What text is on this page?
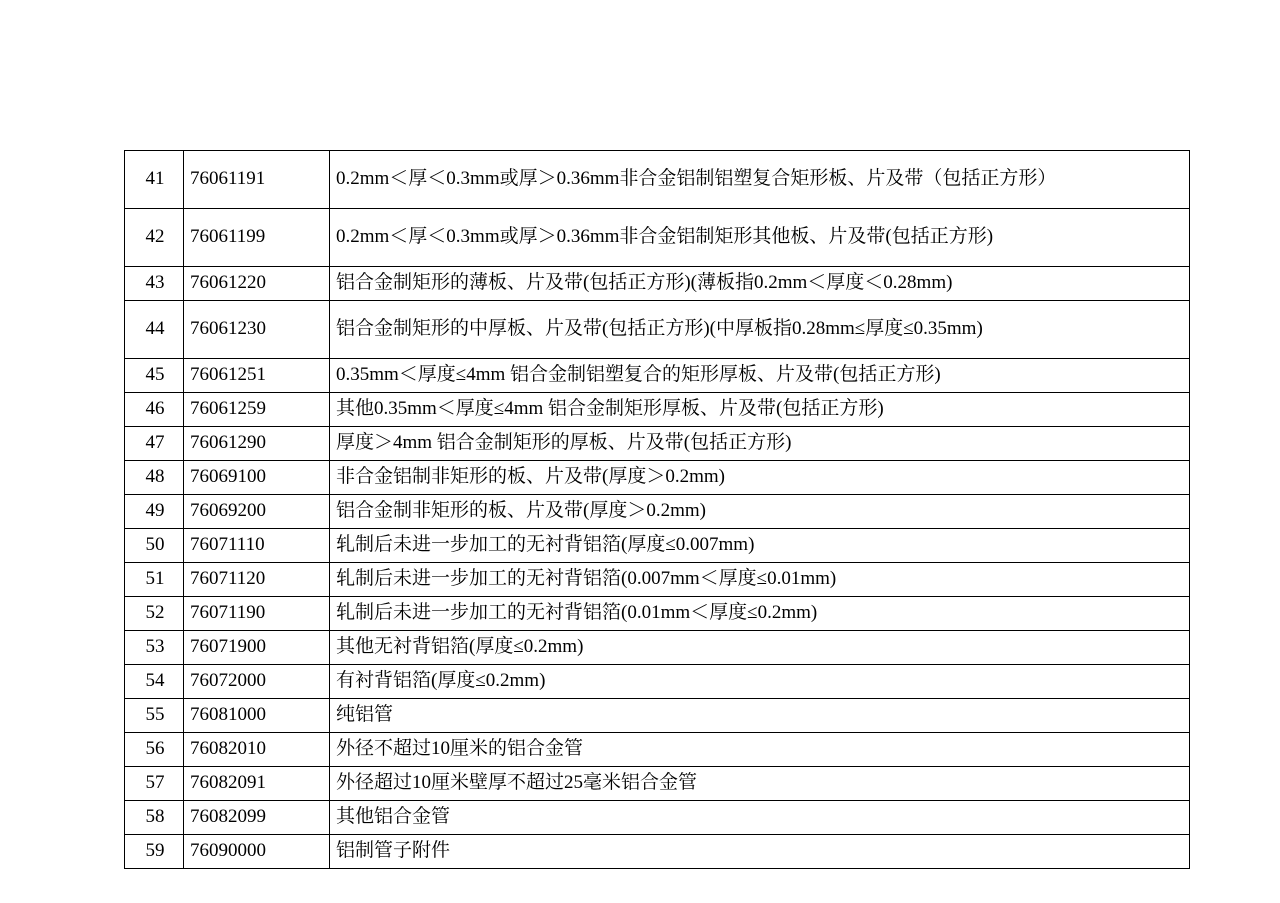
41	76061191	0.2mm＜厚＜0.3mm或厚＞0.36mm非合金铝制铝塑复合矩形板、片及带（包括正方形）
42	76061199	0.2mm＜厚＜0.3mm或厚＞0.36mm非合金铝制矩形其他板、片及带(包括正方形)
43	76061220	铝合金制矩形的薄板、片及带(包括正方形)(薄板指0.2mm＜厚度＜0.28mm)
44	76061230	铝合金制矩形的中厚板、片及带(包括正方形)(中厚板指0.28mm≤厚度≤0.35mm)
45	76061251	0.35mm＜厚度≤4mm 铝合金制铝塑复合的矩形厚板、片及带(包括正方形)
46	76061259	其他0.35mm＜厚度≤4mm 铝合金制矩形厚板、片及带(包括正方形)
47	76061290	厚度＞4mm 铝合金制矩形的厚板、片及带(包括正方形)
48	76069100	非合金铝制非矩形的板、片及带(厚度＞0.2mm)
49	76069200	铝合金制非矩形的板、片及带(厚度＞0.2mm)
50	76071110	轧制后未进一步加工的无衬背铝箔(厚度≤0.007mm)
51	76071120	轧制后未进一步加工的无衬背铝箔(0.007mm＜厚度≤0.01mm)
52	76071190	轧制后未进一步加工的无衬背铝箔(0.01mm＜厚度≤0.2mm)
53	76071900	其他无衬背铝箔(厚度≤0.2mm)
54	76072000	有衬背铝箔(厚度≤0.2mm)
55	76081000	纯铝管
56	76082010	外径不超过10厘米的铝合金管
57	76082091	外径超过10厘米壁厚不超过25毫米铝合金管
58	76082099	其他铝合金管
59	76090000	铝制管子附件
